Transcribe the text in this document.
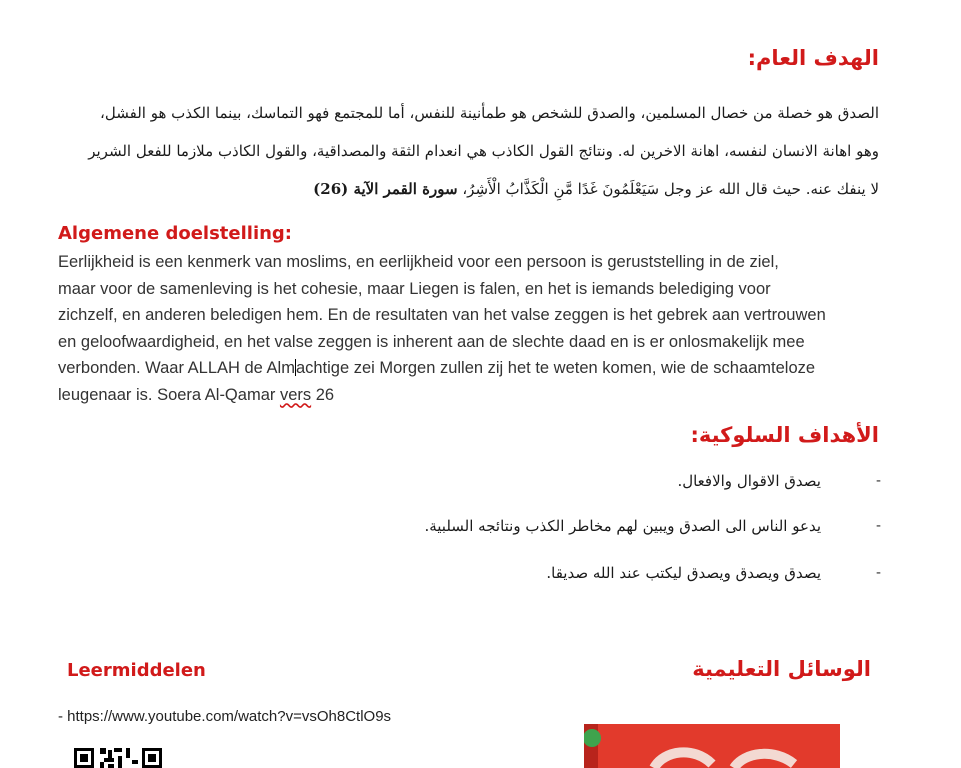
الهدف العام:
الصدق هو خصلة من خصال المسلمين، والصدق للشخص هو طمأنينة للنفس، أما للمجتمع فهو التماسك، بينما الكذب هو الفشل،
وهو اهانة الانسان لنفسه، اهانة الاخرين له. ونتائج القول الكاذب هي انعدام الثقة والمصداقية، والقول الكاذب ملازما للفعل الشرير
لا ينفك عنه. حيث قال الله عز وجل سَيَعْلَمُونَ غَدًا مَّنِ الْكَذَّابُ الْأَشِرُ، سورة القمر الآية (26)
Algemene doelstelling:
Eerlijkheid is een kenmerk van moslims, en eerlijkheid voor een persoon is geruststelling in de ziel,
maar voor de samenleving is het cohesie, maar Liegen is falen, en het is iemands belediging voor
zichzelf, en anderen beledigen hem. En de resultaten van het valse zeggen is het gebrek aan vertrouwen
en geloofwaardigheid, en het valse zeggen is inherent aan de slechte daad en is er onlosmakelijk mee
verbonden. Waar ALLAH de Almachtige zei Morgen zullen zij het te weten komen, wie de schaamteloze
leugenaar is. Soera Al-Qamar vers 26
الأهداف السلوكية:
-
يصدق الاقوال والافعال.
-
يدعو الناس الى الصدق ويبين لهم مخاطر الكذب ونتائجه السلبية.
-
يصدق ويصدق ويصدق ليكتب عند الله صديقا.
Leermiddelen	الوسائل التعليمية
- https://www.youtube.com/watch?v=vsOh8CtlO9s
